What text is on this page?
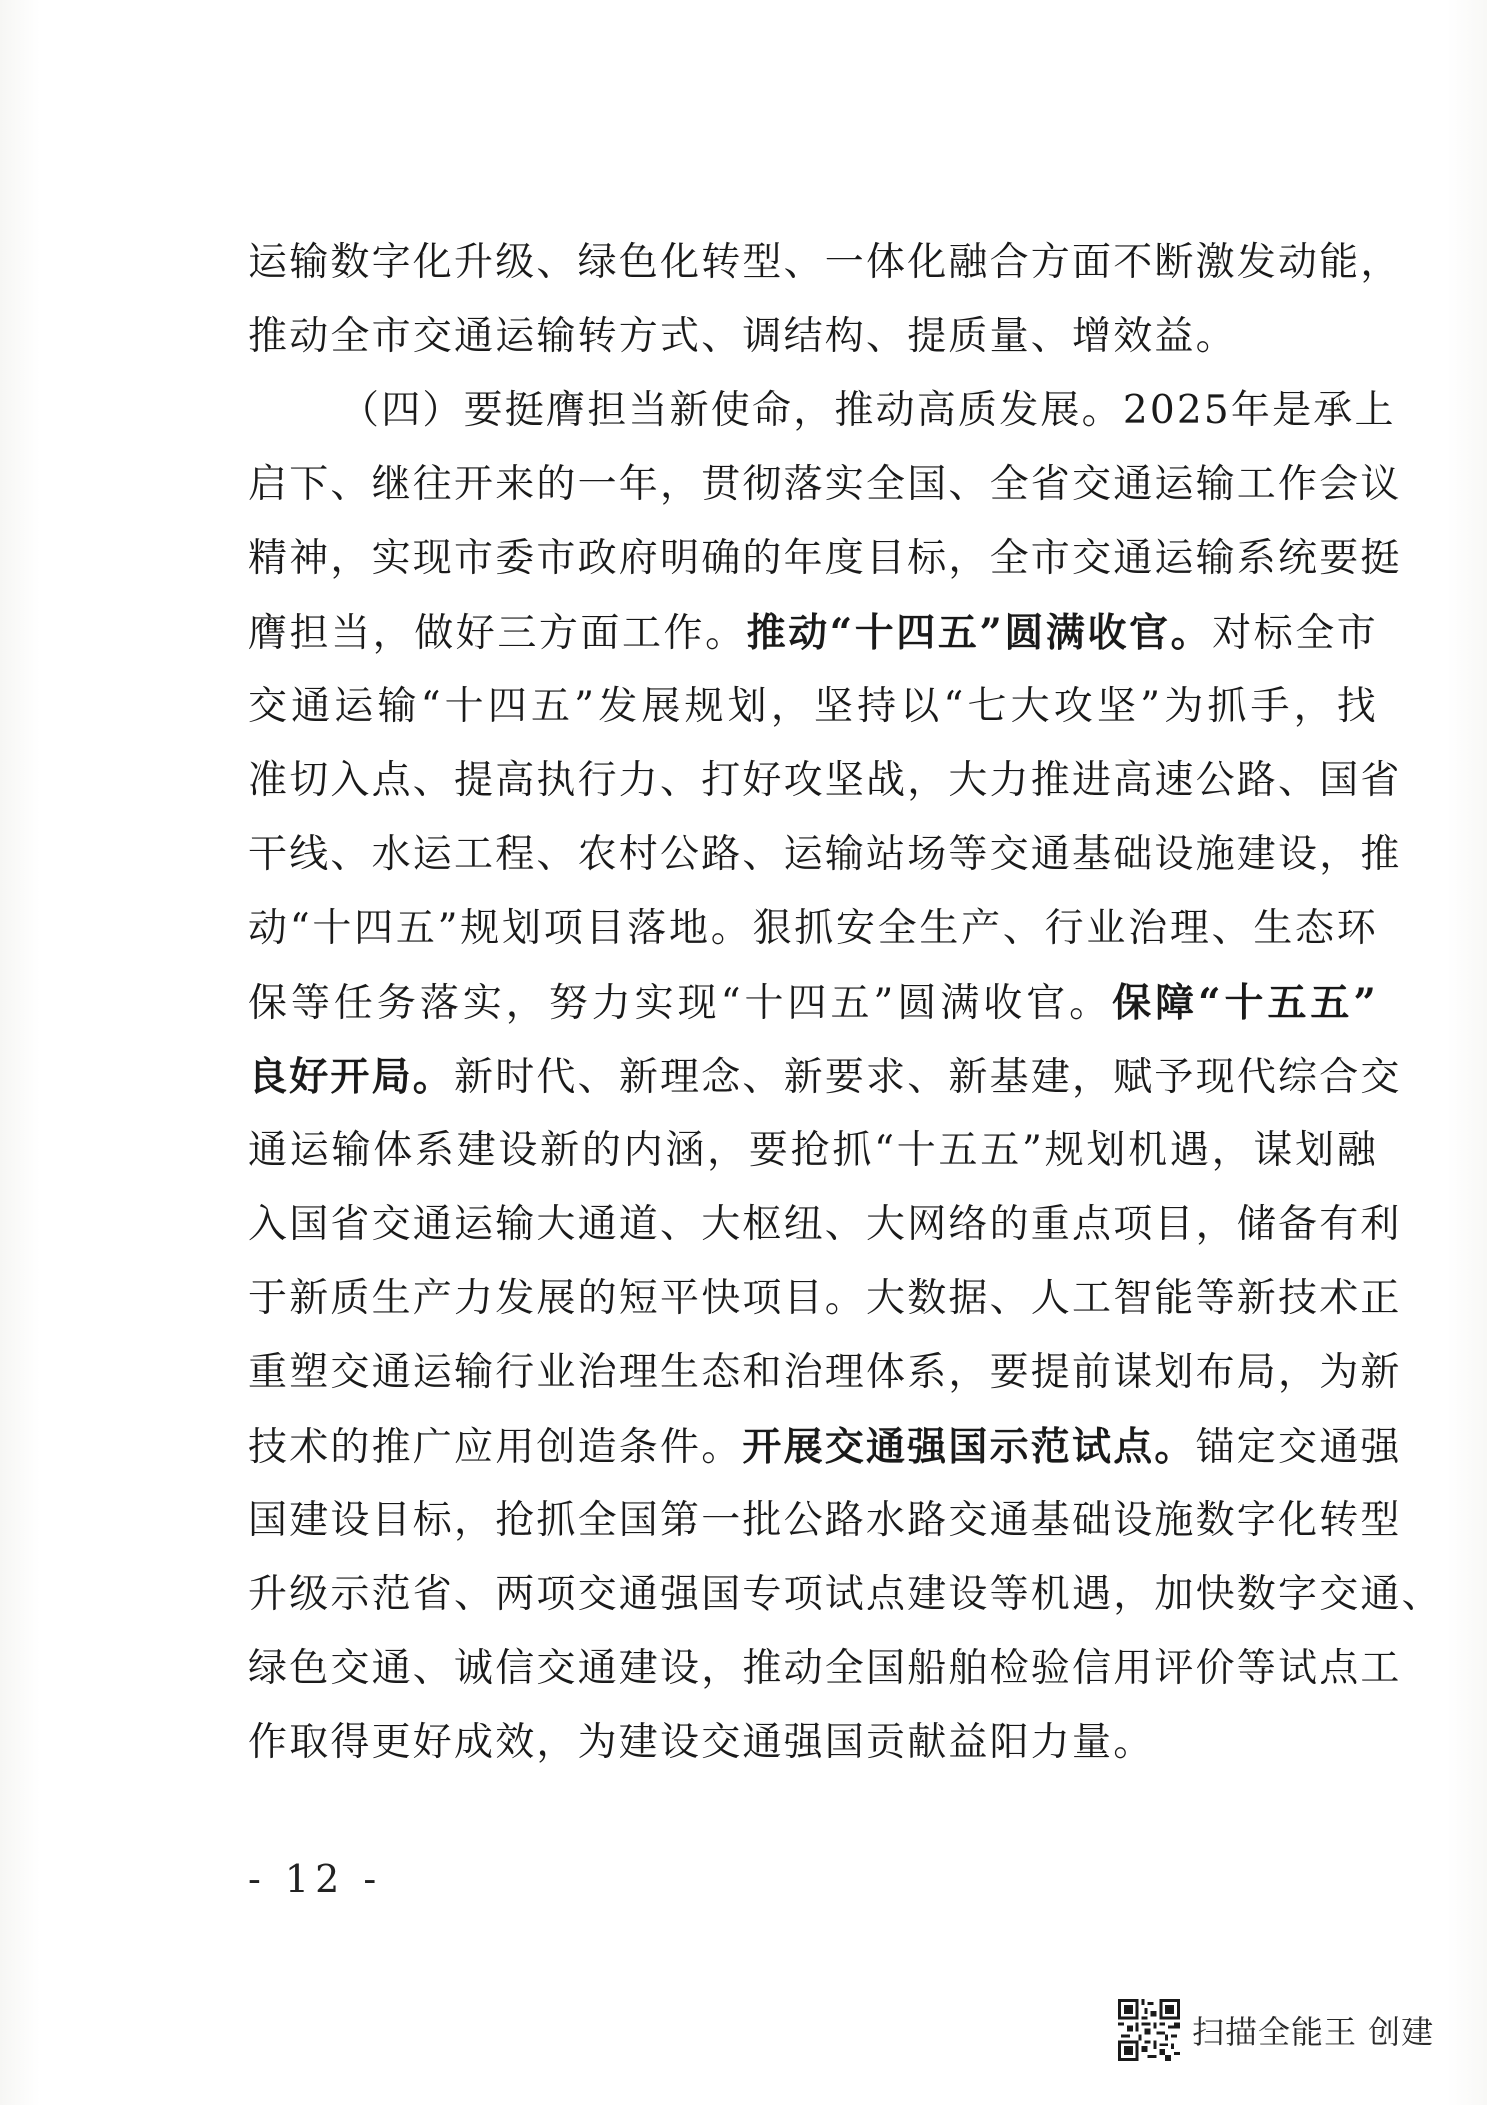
运输数字化升级、绿色化转型、一体化融合方面不断激发动能，
推动全市交通运输转方式、调结构、提质量、增效益。
（四）要挺膺担当新使命，推动高质发展。2025年是承上
启下、继往开来的一年，贯彻落实全国、全省交通运输工作会议
精神，实现市委市政府明确的年度目标，全市交通运输系统要挺
膺担当，做好三方面工作。推动“十四五”圆满收官。对标全市
交通运输“十四五”发展规划，坚持以“七大攻坚”为抓手，找
准切入点、提高执行力、打好攻坚战，大力推进高速公路、国省
干线、水运工程、农村公路、运输站场等交通基础设施建设，推
动“十四五”规划项目落地。狠抓安全生产、行业治理、生态环
保等任务落实，努力实现“十四五”圆满收官。保障“十五五”
良好开局。新时代、新理念、新要求、新基建，赋予现代综合交
通运输体系建设新的内涵，要抢抓“十五五”规划机遇，谋划融
入国省交通运输大通道、大枢纽、大网络的重点项目，储备有利
于新质生产力发展的短平快项目。大数据、人工智能等新技术正
重塑交通运输行业治理生态和治理体系，要提前谋划布局，为新
技术的推广应用创造条件。开展交通强国示范试点。锚定交通强
国建设目标，抢抓全国第一批公路水路交通基础设施数字化转型
升级示范省、两项交通强国专项试点建设等机遇，加快数字交通、
绿色交通、诚信交通建设，推动全国船舶检验信用评价等试点工
作取得更好成效，为建设交通强国贡献益阳力量。
- 12 -
扫描全能王 创建
